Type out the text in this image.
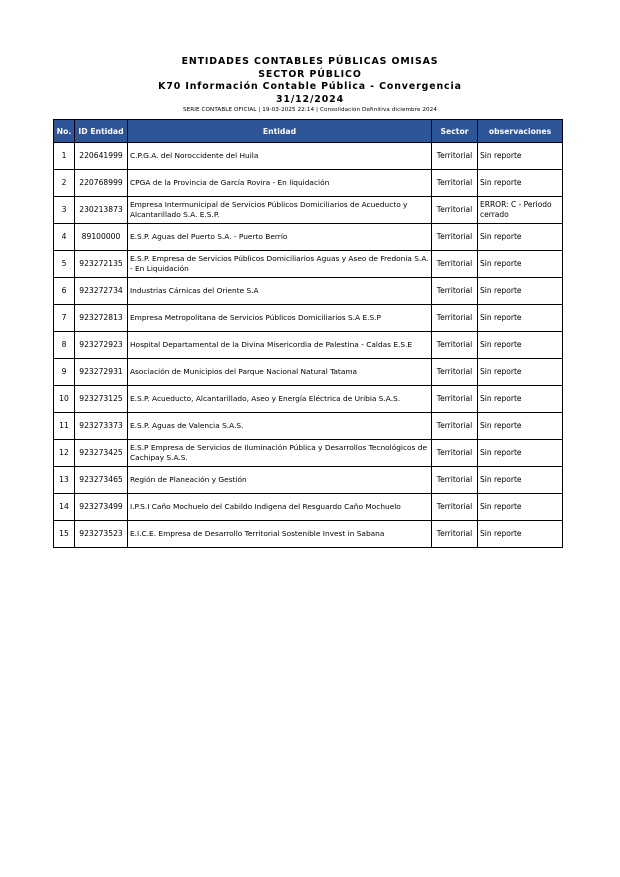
ENTIDADES CONTABLES PÚBLICAS OMISAS
SECTOR PÚBLICO
K70 Información Contable Pública - Convergencia
31/12/2024
SERIE CONTABLE OFICIAL | 19-03-2025 22:14 | Consolidación Definitiva diciembre 2024
No.	ID Entidad	Entidad	Sector	observaciones
1	220641999	C.P.G.A. del Noroccidente del Huila	Territorial	Sin reporte
2	220768999	CPGA de la Provincia de García Rovira - En liquidación	Territorial	Sin reporte
3	230213873	Empresa Intermunicipal de Servicios Públicos Domiciliarios de Acueducto y Alcantarillado S.A. E.S.P.	Territorial	ERROR: C - Periodo cerrado
4	89100000	E.S.P. Aguas del Puerto S.A. - Puerto Berrío	Territorial	Sin reporte
5	923272135	E.S.P. Empresa de Servicios Públicos Domiciliarios Aguas y Aseo de Fredonia S.A. - En Liquidación	Territorial	Sin reporte
6	923272734	Industrias Cárnicas del Oriente S.A	Territorial	Sin reporte
7	923272813	Empresa Metropolitana de Servicios Públicos Domiciliarios S.A E.S.P	Territorial	Sin reporte
8	923272923	Hospital Departamental de la Divina Misericordia de Palestina - Caldas E.S.E	Territorial	Sin reporte
9	923272931	Asociación de Municipios del Parque Nacional Natural Tatama	Territorial	Sin reporte
10	923273125	E.S.P. Acueducto, Alcantarillado, Aseo y Energía Eléctrica de Uribia S.A.S.	Territorial	Sin reporte
11	923273373	E.S.P. Aguas de Valencia S.A.S.	Territorial	Sin reporte
12	923273425	E.S.P Empresa de Servicios de Iluminación Pública y Desarrollos Tecnológicos de Cachipay S.A.S.	Territorial	Sin reporte
13	923273465	Región de Planeación y Gestión	Territorial	Sin reporte
14	923273499	I.P.S.I Caño Mochuelo del Cabildo Indigena del Resguardo Caño Mochuelo	Territorial	Sin reporte
15	923273523	E.I.C.E. Empresa de Desarrollo Territorial Sostenible Invest in Sabana	Territorial	Sin reporte
